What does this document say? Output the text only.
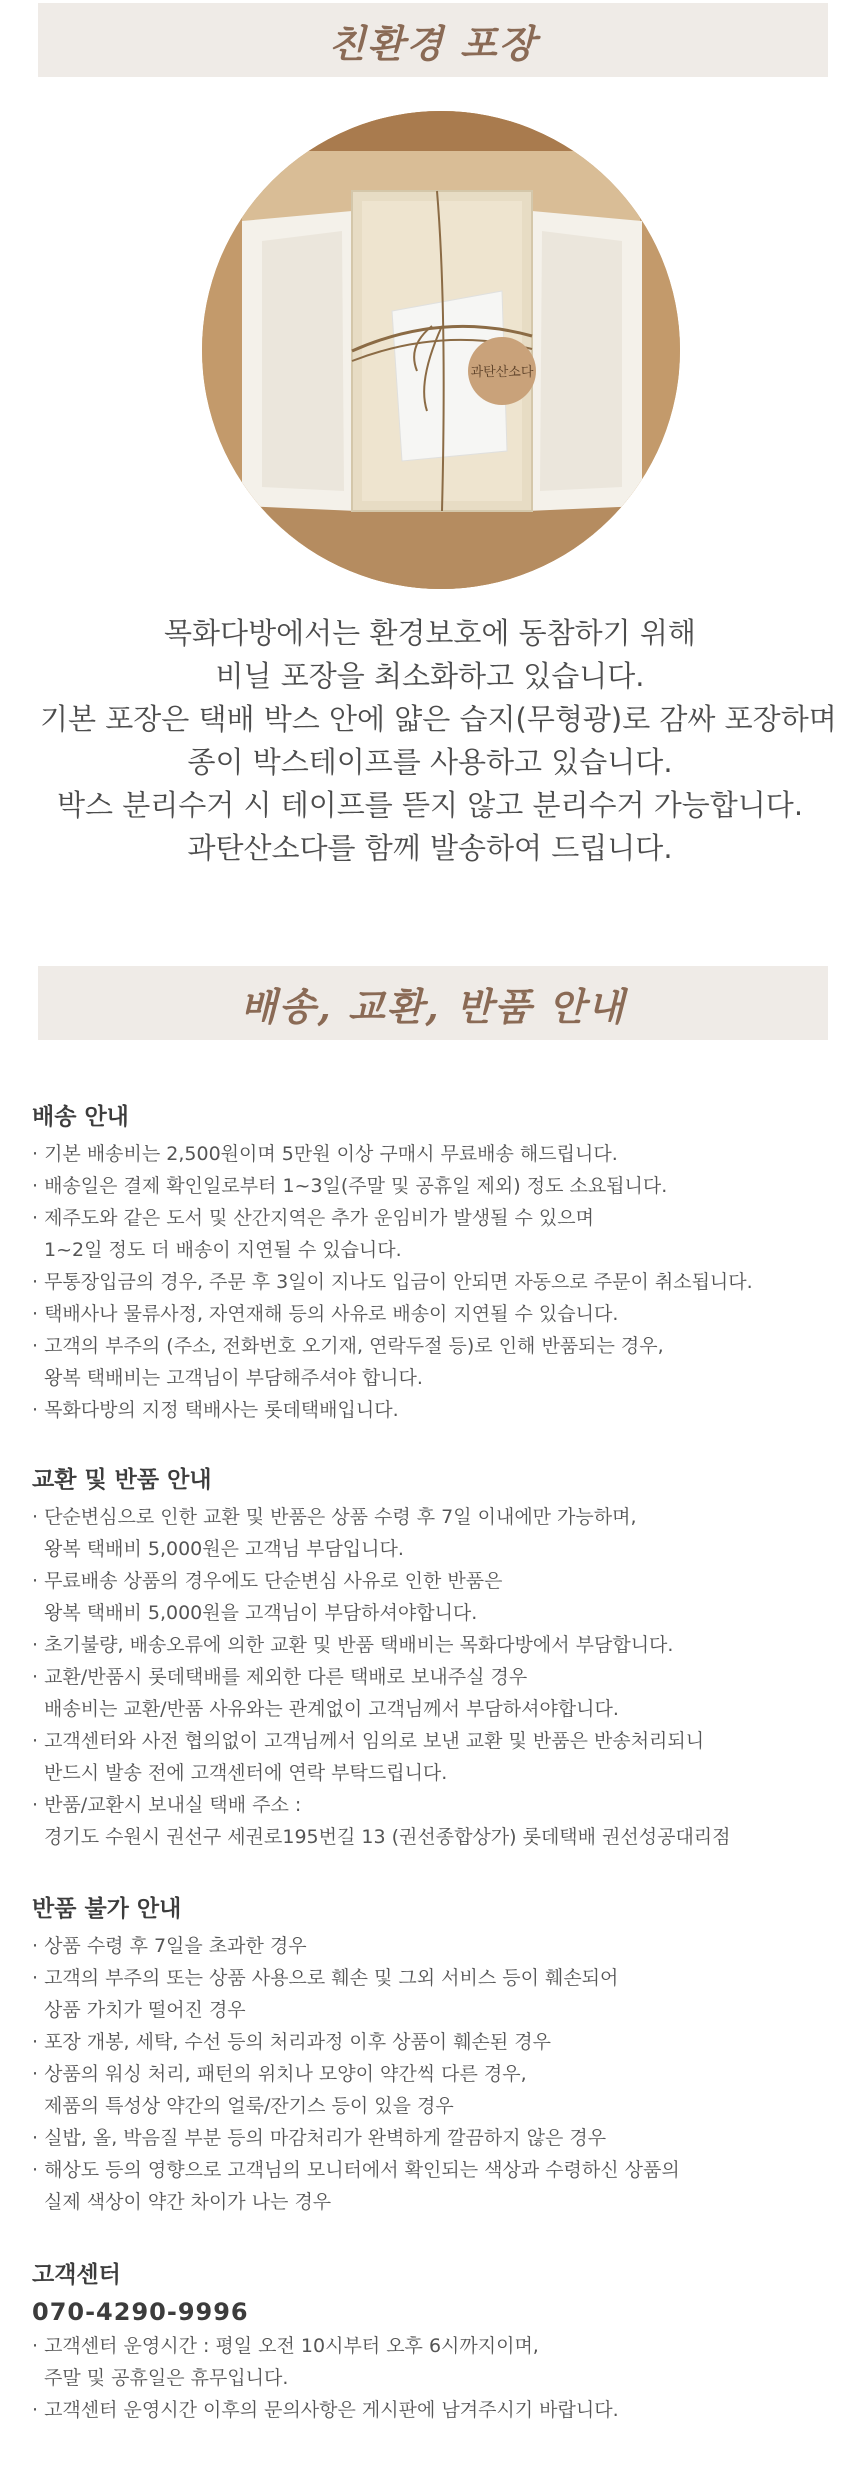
친환경 포장
과탄산소다
목화다방에서는 환경보호에 동참하기 위해
비닐 포장을 최소화하고 있습니다.
기본 포장은 택배 박스 안에 얇은 습지(무형광)로 감싸 포장하며
종이 박스테이프를 사용하고 있습니다.
박스 분리수거 시 테이프를 뜯지 않고 분리수거 가능합니다.
과탄산소다를 함께 발송하여 드립니다.
배송, 교환, 반품 안내

배송 안내

· 기본 배송비는 2,500원이며 5만원 이상 구매시 무료배송 해드립니다.
· 배송일은 결제 확인일로부터 1~3일(주말 및 공휴일 제외) 정도 소요됩니다.
· 제주도와 같은 도서 및 산간지역은 추가 운임비가 발생될 수 있으며
1~2일 정도 더 배송이 지연될 수 있습니다.
· 무통장입금의 경우, 주문 후 3일이 지나도 입금이 안되면 자동으로 주문이 취소됩니다.
· 택배사나 물류사정, 자연재해 등의 사유로 배송이 지연될 수 있습니다.
· 고객의 부주의 (주소, 전화번호 오기재, 연락두절 등)로 인해 반품되는 경우,
왕복 택배비는 고객님이 부담해주셔야 합니다.
· 목화다방의 지정 택배사는 롯데택배입니다.

교환 및 반품 안내

· 단순변심으로 인한 교환 및 반품은 상품 수령 후 7일 이내에만 가능하며,
왕복 택배비 5,000원은 고객님 부담입니다.
· 무료배송 상품의 경우에도 단순변심 사유로 인한 반품은
왕복 택배비 5,000원을 고객님이 부담하셔야합니다.
· 초기불량, 배송오류에 의한 교환 및 반품 택배비는 목화다방에서 부담합니다.
· 교환/반품시 롯데택배를 제외한 다른 택배로 보내주실 경우
배송비는 교환/반품 사유와는 관계없이 고객님께서 부담하셔야합니다.
· 고객센터와 사전 협의없이 고객님께서 임의로 보낸 교환 및 반품은 반송처리되니
반드시 발송 전에 고객센터에 연락 부탁드립니다.
· 반품/교환시 보내실 택배 주소 :
경기도 수원시 권선구 세권로195번길 13 (권선종합상가) 롯데택배 권선성공대리점

반품 불가 안내

· 상품 수령 후 7일을 초과한 경우
· 고객의 부주의 또는 상품 사용으로 훼손 및 그외 서비스 등이 훼손되어
상품 가치가 떨어진 경우
· 포장 개봉, 세탁, 수선 등의 처리과정 이후 상품이 훼손된 경우
· 상품의 워싱 처리, 패턴의 위치나 모양이 약간씩 다른 경우,
제품의 특성상 약간의 얼룩/잔기스 등이 있을 경우
· 실밥, 올, 박음질 부분 등의 마감처리가 완벽하게 깔끔하지 않은 경우
· 해상도 등의 영향으로 고객님의 모니터에서 확인되는 색상과 수령하신 상품의
실제 색상이 약간 차이가 나는 경우

고객센터

070-4290-9996

· 고객센터 운영시간 : 평일 오전 10시부터 오후 6시까지이며,
주말 및 공휴일은 휴무입니다.
· 고객센터 운영시간 이후의 문의사항은 게시판에 남겨주시기 바랍니다.
